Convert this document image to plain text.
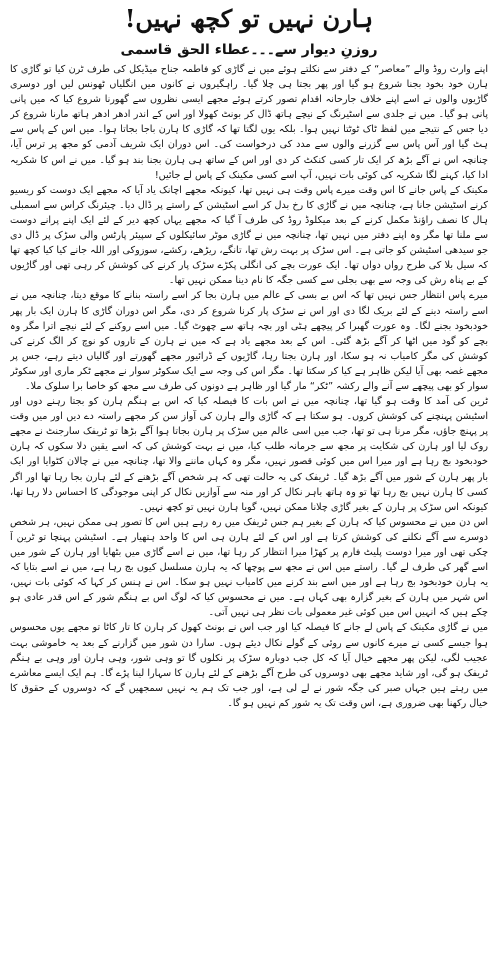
ہارن نہیں تو کچھ نہیں!
روزنِ دیوار سے۔۔۔عطاء الحق قاسمی

اپنے وارث روڈ والے ”معاصر“ کے دفتر سے نکلتے ہوئے میں نے گاڑی کو فاطمہ جناح میڈیکل کی طرف ٹرن کیا تو گاڑی کا ہارن خود بخود بجنا شروع ہو گیا اور پھر بجتا ہی چلا گیا۔ راہگیروں نے کانوں میں انگلیاں ٹھونس لیں اور دوسری گاڑیوں والوں نے اسے اپنے خلاف جارحانہ اقدام تصور کرتے ہوئے مجھے ایسی نظروں سے گھورنا شروع کیا کہ میں پانی پانی ہو گیا۔ میں نے جلدی سے اسٹیرنگ کے نیچے ہاتھ ڈال کر بونٹ کھولا اور اس کے اندر ادھر ادھر ہاتھ مارنا شروع کر دیا جس کے نتیجے میں لفظ ٹاک ٹوٹتا نہیں ہوا۔ بلکہ یوں لگتا تھا کہ گاڑی کا ہارن باجا بجاتا ہوا۔ میں اس کے پاس سے ہٹ گیا اور آس پاس سے گزرنے والوں سے مدد کی درخواست کی۔ اس دوران ایک شریف آدمی کو مجھ پر ترس آیا، چنانچہ اس نے آگے بڑھ کر ایک تار کسی کنکٹ کر دی اور اس کے ساتھ ہی ہارن بجنا بند ہو گیا۔ میں نے اس کا شکریہ ادا کیا، کہنے لگا شکریہ کی کوئی بات نہیں، آپ اسے کسی مکینک کے پاس لے جائیں!

مکینک کے پاس جانے کا اس وقت میرے پاس وقت ہی نہیں تھا، کیونکہ مجھے اچانک یاد آیا کہ مجھے ایک دوست کو ریسیو کرنے اسٹیشن جانا ہے، چنانچہ میں نے گاڑی کا رخ بدل کر اسے اسٹیشن کے راستے پر ڈال دیا۔ چیئرنگ کراس سے اسمبلی ہال کا نصف راؤنڈ مکمل کرنے کے بعد میکلوڈ روڈ کی طرف آ گیا کہ مجھے یہاں کچھ دیر کے لئے ایک اپنے پرانے دوست سے ملنا تھا مگر وہ اپنے دفتر میں نہیں تھا، چنانچہ میں نے گاڑی موٹر سائیکلوں کے سپیئر پارٹس والی سڑک پر ڈال دی جو سیدھی اسٹیشن کو جاتی ہے۔ اس سڑک پر بہت رش تھا، تانگے، ریڑھے، رکشے، سوزوکی اور اللہ جانے کیا کیا کچھ تھا کہ سیل بلا کی طرح رواں دواں تھا۔ ایک عورت بچے کی انگلی پکڑے سڑک پار کرنے کی کوشش کر رہی تھی اور گاڑیوں کے بے پناہ رش کی وجہ سے بھی بجلی سے کسی جگہ کا نام دینا ممکن نہیں تھا۔

میرے پاس انتظار جس نہیں تھا کہ اس بے بسی کے عالم میں ہارن بجا کر اسے راستہ بنانے کا موقع دیتا، چنانچہ میں نے اسے راستہ دینے کے لئے بریک لگا دی اور اس نے سڑک پار کرنا شروع کر دی، مگر اس دوران گاڑی کا ہارن ایک بار پھر خودبخود بجنے لگا۔ وہ عورت گھبرا کر پیچھے ہٹی اور بچہ ہاتھ سے چھوٹ گیا۔ میں اسے روکنے کے لئے نیچے اترا مگر وہ بچے کو گود میں اٹھا کر آگے بڑھ گئی۔ اس کے بعد مجھے یاد ہے کہ میں نے ہارن کے تاروں کو نوچ کر الگ کرنے کی کوشش کی مگر کامیاب نہ ہو سکا، اور ہارن بجتا رہا، گاڑیوں کے ڈرائیور مجھے گھورتے اور گالیاں دیتے رہے، جس پر مجھے غصہ بھی آیا لیکن ظاہر ہے کیا کر سکتا تھا۔ مگر اس کی وجہ سے ایک سکوٹر سوار نے مجھے ٹکر ماری اور سکوٹر سوار کو بھی پیچھے سے آنے والے رکشہ ”ٹکر“ مار گیا اور ظاہر ہے دونوں کی طرف سے مجھ کو خاصا برا سلوک ملا۔

ٹرین کی آمد کا وقت ہو گیا تھا، چنانچہ میں نے اس بات کا فیصلہ کیا کہ اس بے ہنگم ہارن کو بجتا رہنے دوں اور اسٹیشن پہنچنے کی کوشش کروں۔ ہو سکتا ہے کہ گاڑی والے ہارن کی آواز سن کر مجھے راستہ دے دیں اور میں وقت پر پہنچ جاؤں، مگر مرنا ہی تو تھا، جب میں اسی عالم میں سڑک پر ہارن بجاتا ہوا آگے بڑھا تو ٹریفک سارجنٹ نے مجھے روک لیا اور ہارن کی شکایت پر مجھ سے جرمانہ طلب کیا، میں نے بہت کوشش کی کہ اسے یقین دلا سکوں کہ ہارن خودبخود بج رہا ہے اور میرا اس میں کوئی قصور نہیں، مگر وہ کہاں ماننے والا تھا، چنانچہ میں نے چالان کٹوایا اور ایک بار پھر ہارن کے شور میں آگے بڑھ گیا۔ ٹریفک کی یہ حالت تھی کہ ہر شخص آگے بڑھنے کے لئے ہارن بجا رہا تھا اور اگر کسی کا ہارن نہیں بج رہا تھا تو وہ ہاتھ باہر نکال کر اور منہ سے آوازیں نکال کر اپنی موجودگی کا احساس دلا رہا تھا، کیونکہ اس سڑک پر ہارن کے بغیر گاڑی چلانا ممکن نہیں، گویا ہارن نہیں تو کچھ نہیں۔

اس دن میں نے محسوس کیا کہ ہارن کے بغیر ہم جس ٹریفک میں رہ رہے ہیں اس کا تصور ہی ممکن نہیں، ہر شخص دوسرے سے آگے نکلنے کی کوشش کرتا ہے اور اس کے لئے ہارن ہی اس کا واحد ہتھیار ہے۔ اسٹیشن پہنچا تو ٹرین آ چکی تھی اور میرا دوست پلیٹ فارم پر کھڑا میرا انتظار کر رہا تھا، میں نے اسے گاڑی میں بٹھایا اور ہارن کے شور میں اسے گھر کی طرف لے گیا۔ راستے میں اس نے مجھ سے پوچھا کہ یہ ہارن مسلسل کیوں بج رہا ہے، میں نے اسے بتایا کہ یہ ہارن خودبخود بج رہا ہے اور میں اسے بند کرنے میں کامیاب نہیں ہو سکا۔ اس نے ہنس کر کہا کہ کوئی بات نہیں، اس شہر میں ہارن کے بغیر گزارہ بھی کہاں ہے۔ میں نے محسوس کیا کہ لوگ اس بے ہنگم شور کے اس قدر عادی ہو چکے ہیں کہ انہیں اس میں کوئی غیر معمولی بات نظر ہی نہیں آتی۔

میں نے گاڑی مکینک کے پاس لے جانے کا فیصلہ کیا اور جب اس نے بونٹ کھول کر ہارن کا تار کاٹا تو مجھے یوں محسوس ہوا جیسے کسی نے میرے کانوں سے روئی کے گولے نکال دیئے ہوں۔ سارا دن شور میں گزارنے کے بعد یہ خاموشی بہت عجیب لگی، لیکن پھر مجھے خیال آیا کہ کل جب دوبارہ سڑک پر نکلوں گا تو وہی شور، وہی ہارن اور وہی بے ہنگم ٹریفک ہو گی، اور شاید مجھے بھی دوسروں کی طرح آگے بڑھنے کے لئے ہارن کا سہارا لینا پڑے گا۔ ہم ایک ایسے معاشرے میں رہتے ہیں جہاں صبر کی جگہ شور نے لے لی ہے، اور جب تک ہم یہ نہیں سمجھیں گے کہ دوسروں کے حقوق کا خیال رکھنا بھی ضروری ہے، اس وقت تک یہ شور کم نہیں ہو گا۔
